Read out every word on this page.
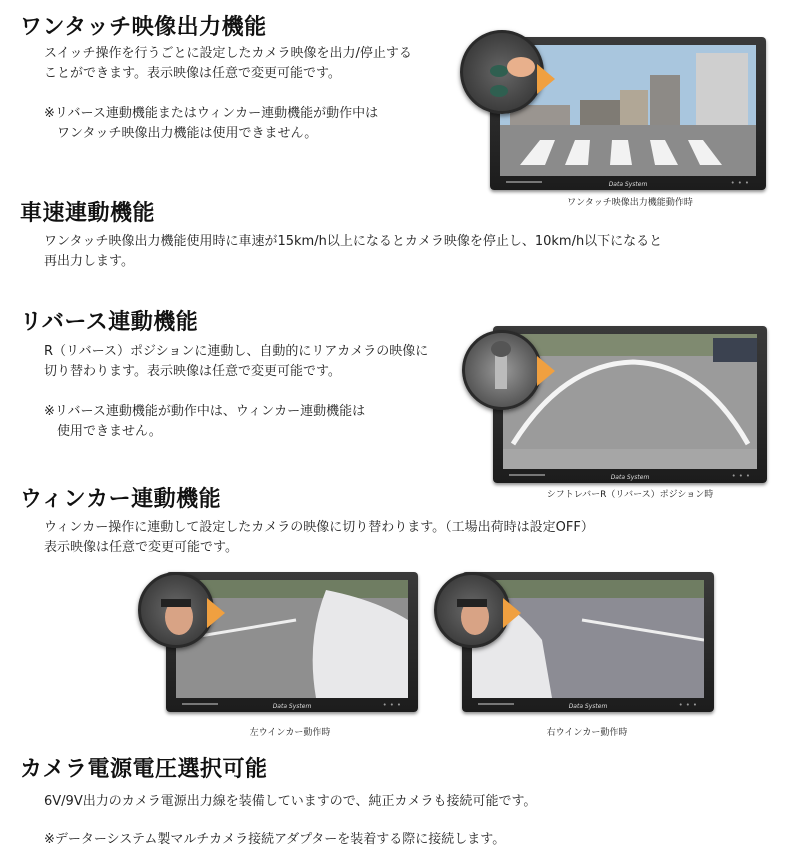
ワンタッチ映像出力機能
スイッチ操作を行うごとに設定したカメラ映像を出力/停止する
ことができます。表示映像は任意で変更可能です。
※リバース連動機能またはウィンカー連動機能が動作中は
　ワンタッチ映像出力機能は使用できません。
Data System	•••
ワンタッチ映像出力機能動作時
車速連動機能
ワンタッチ映像出力機能使用時に車速が15km/h以上になるとカメラ映像を停止し、10km/h以下になると
再出力します。
リバース連動機能
R（リバース）ポジションに連動し、自動的にリアカメラの映像に
切り替わります。表示映像は任意で変更可能です。
※リバース連動機能が動作中は、ウィンカー連動機能は
　使用できません。
Data System	•••
シフトレバーR（リバース）ポジション時
ウィンカー連動機能
ウィンカー操作に連動して設定したカメラの映像に切り替わります。（工場出荷時は設定OFF）
表示映像は任意で変更可能です。
Data System	•••
左ウインカー動作時
Data System	•••
右ウインカー動作時
カメラ電源電圧選択可能
6V/9V出力のカメラ電源出力線を装備していますので、純正カメラも接続可能です。
※データーシステム製マルチカメラ接続アダプターを装着する際に接続します。
